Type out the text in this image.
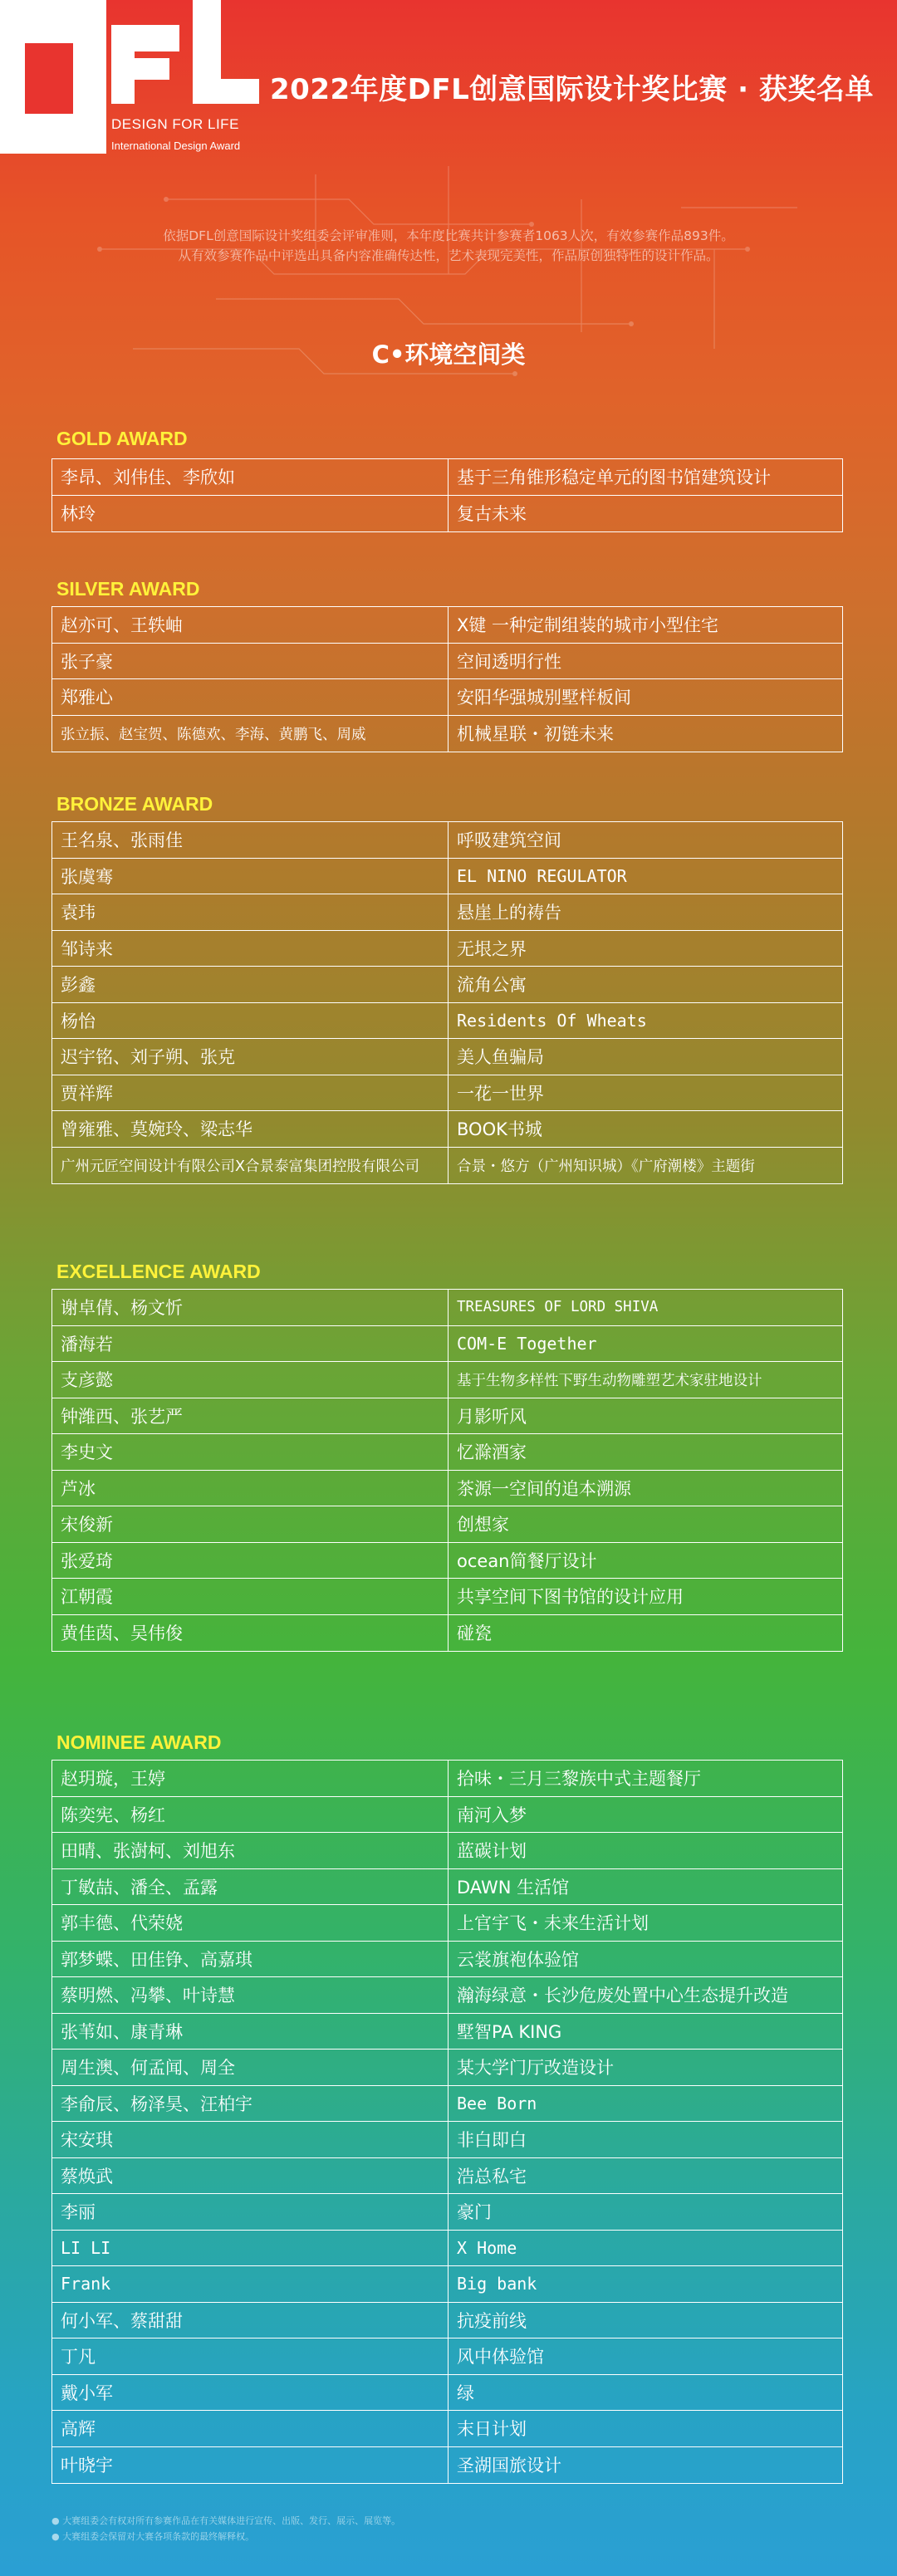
DESIGN FOR LIFE
International Design Award
2022年度DFL创意国际设计奖比赛 · 获奖名单

依据DFL创意国际设计奖组委会评审准则，本年度比赛共计参赛者1063人次，有效参赛作品893件。

从有效参赛作品中评选出具备内容准确传达性，艺术表现完美性，作品原创独特性的设计作品。

C•环境空间类
GOLD AWARD
李昂、刘伟佳、李欣如	基于三角锥形稳定单元的图书馆建筑设计
林玲	复古未来
SILVER AWARD
赵亦可、王轶岫	X键 一种定制组装的城市小型住宅
张子豪	空间透明行性
郑雅心	安阳华强城别墅样板间
张立振、赵宝贺、陈德欢、李海、黄鹏飞、周威	机械星联・初链未来
BRONZE AWARD
王名泉、张雨佳	呼吸建筑空间
张虞骞	EL NINO REGULATOR
袁玮	悬崖上的祷告
邹诗来	无垠之界
彭鑫	流角公寓
杨怡	Residents Of Wheats
迟宇铭、刘子朔、张克	美人鱼骗局
贾祥辉	一花一世界
曾雍雅、莫婉玲、梁志华	BOOK书城
广州元匠空间设计有限公司X合景泰富集团控股有限公司	合景・悠方（广州知识城）《广府潮楼》主题街
EXCELLENCE AWARD
谢卓倩、杨文忻	TREASURES OF LORD SHIVA
潘海若	COM-E Together
支彦懿	基于生物多样性下野生动物雕塑艺术家驻地设计
钟潍西、张艺严	月影听风
李史文	忆滁酒家
芦冰	茶源一空间的追本溯源
宋俊新	创想家
张爱琦	ocean简餐厅设计
江朝霞	共享空间下图书馆的设计应用
黄佳茵、吴伟俊	碰瓷
NOMINEE AWARD
赵玥璇，王婷	拾味・三月三黎族中式主题餐厅
陈奕宪、杨红	南河入梦
田晴、张澍柯、刘旭东	蓝碳计划
丁敏喆、潘全、孟露	DAWN 生活馆
郭丰德、代荣娆	上官宇飞・未来生活计划
郭梦蝶、田佳铮、高嘉琪	云裳旗袍体验馆
蔡明燃、冯攀、叶诗慧	瀚海绿意・长沙危废处置中心生态提升改造
张苇如、康青琳	墅智PA KING
周生澳、何孟闻、周全	某大学门厅改造设计
李俞辰、杨泽昊、汪柏宇	Bee Born
宋安琪	非白即白
蔡焕武	浩总私宅
李丽	豪门
LI LI	X Home
Frank	Big bank
何小军、蔡甜甜	抗疫前线
丁凡	风中体验馆
戴小军	绿
高辉	末日计划
叶晓宇	圣湖国旅设计
● 大赛组委会有权对所有参赛作品在有关媒体进行宣传、出版、发行、展示、展览等。
● 大赛组委会保留对大赛各项条款的最终解释权。
